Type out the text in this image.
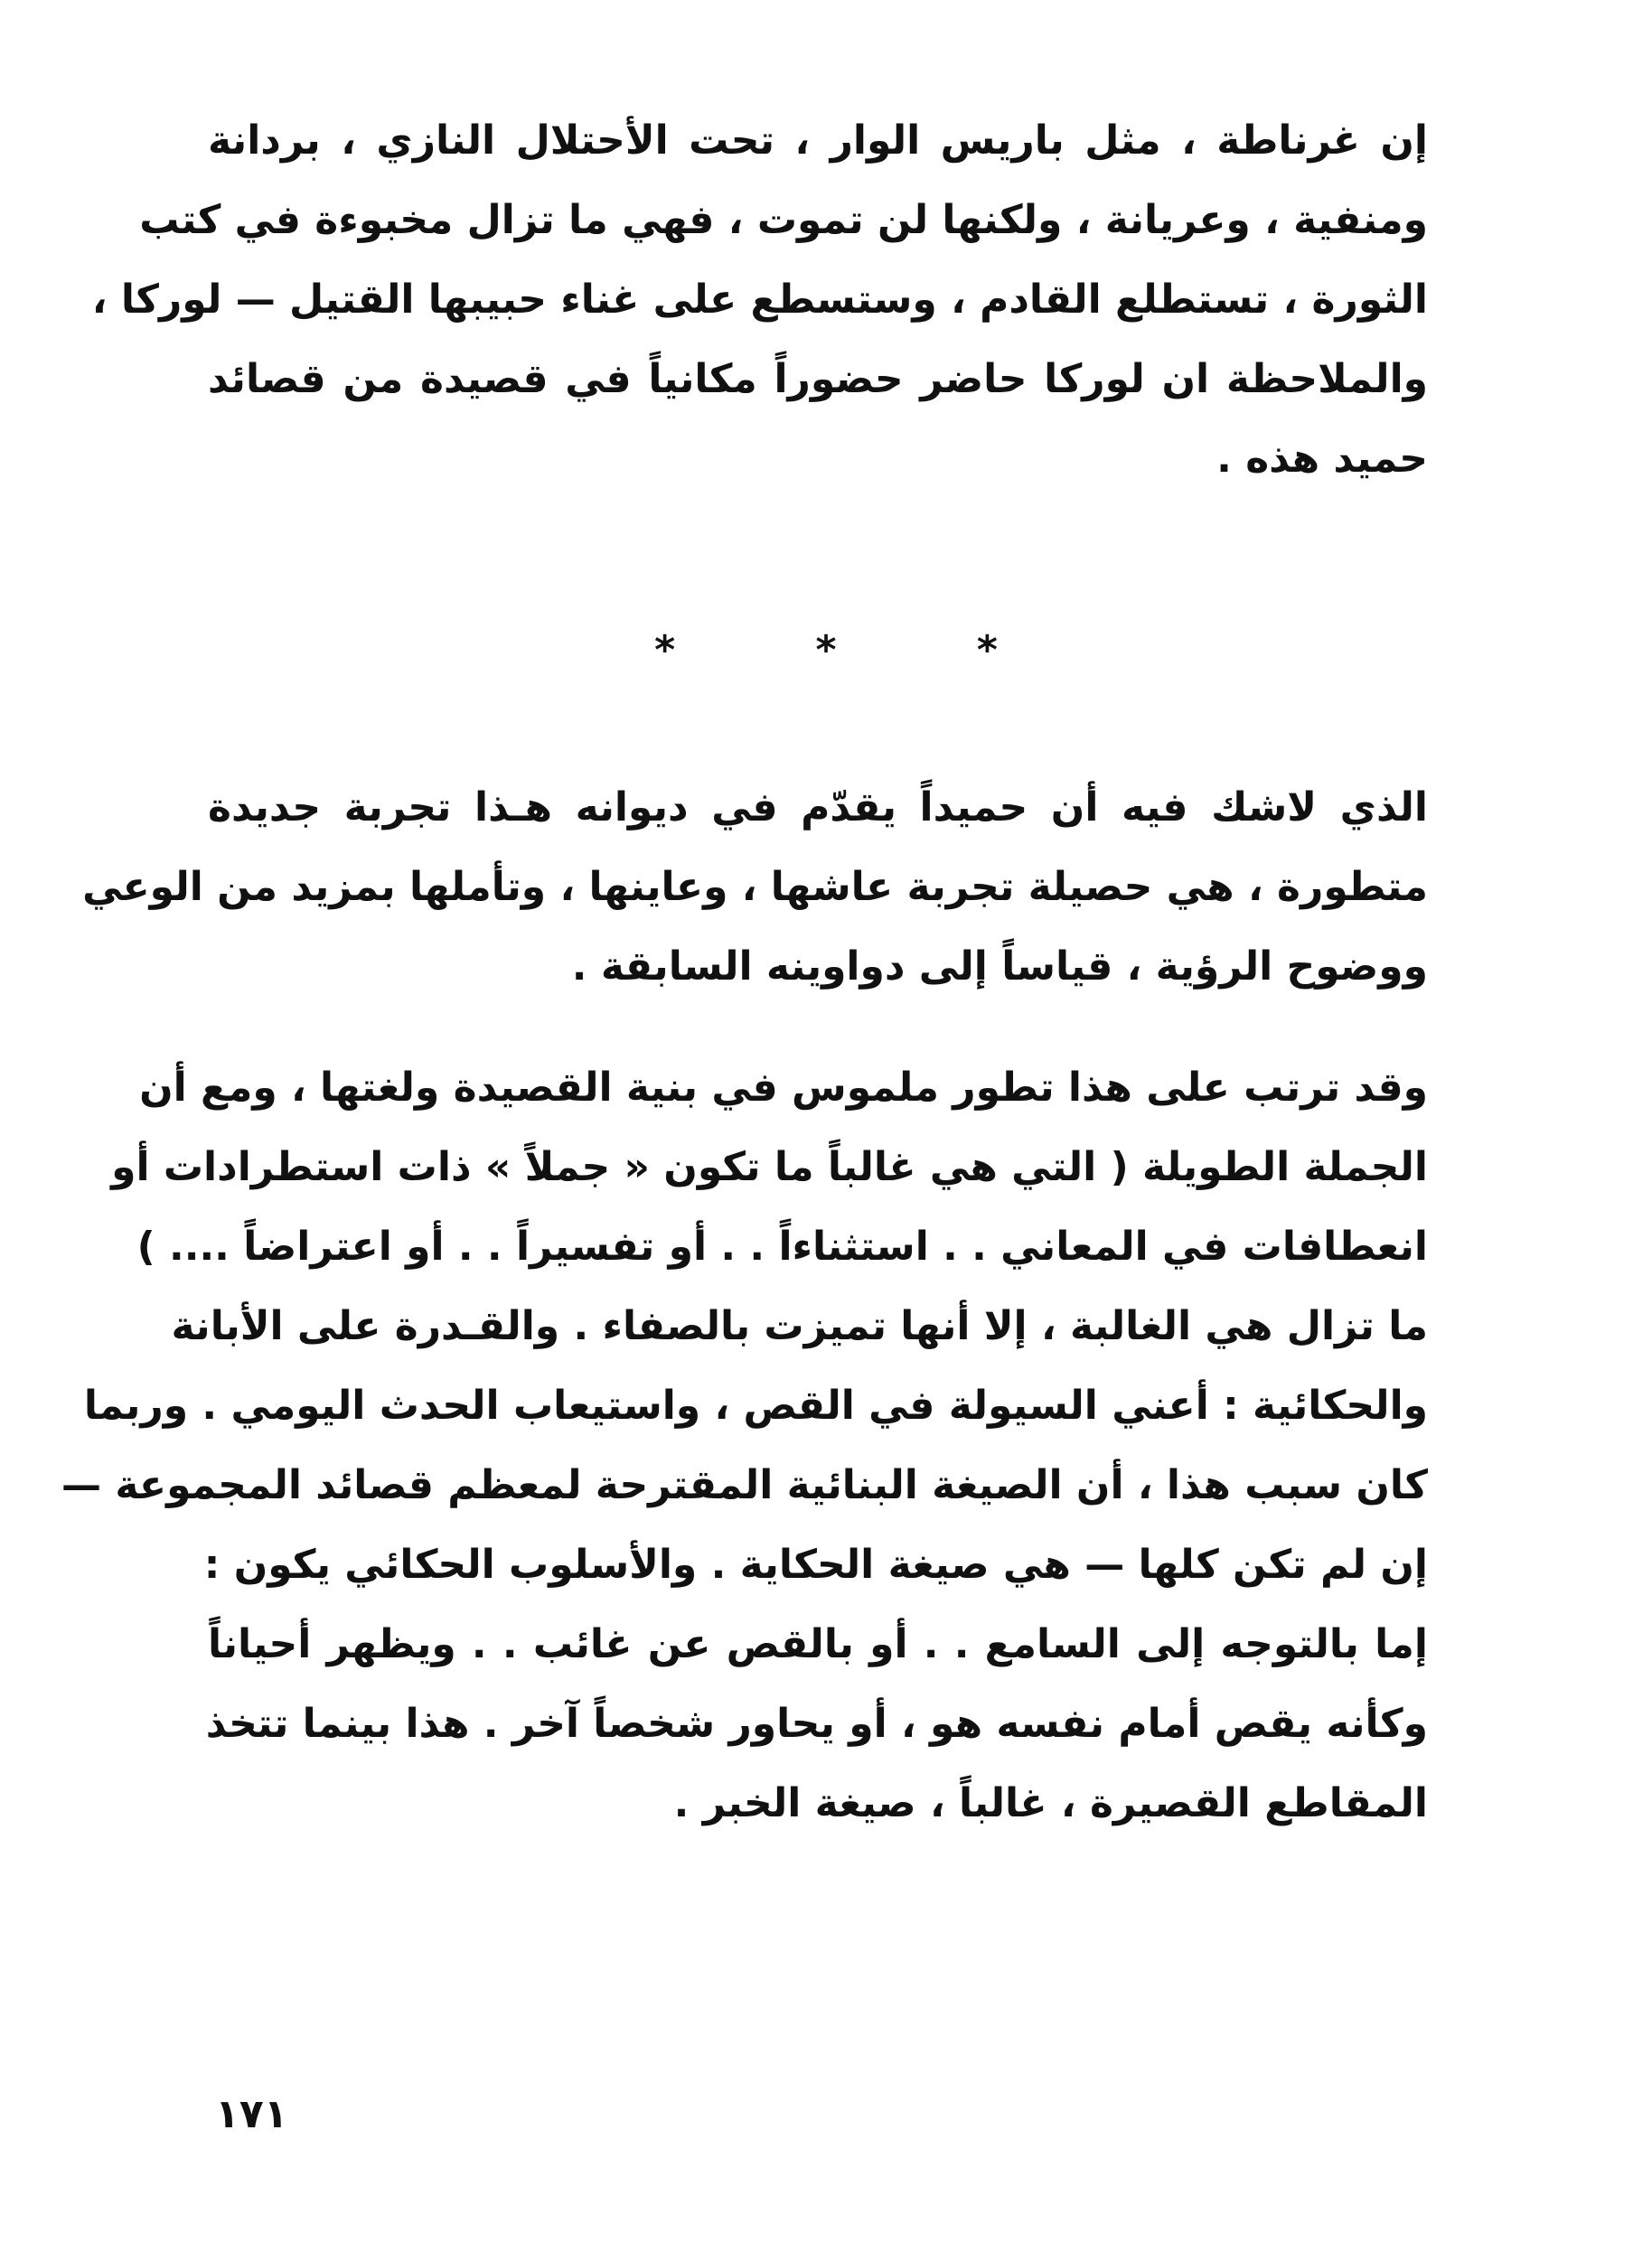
إن غرناطة ، مثل باريس الوار ، تحت الأحتلال النازي ، بردانة
ومنفية ، وعريانة ، ولكنها لن تموت ، فهي ما تزال مخبوءة في كتب
الثورة ، تستطلع القادم ، وستسطع على غناء حبيبها القتيل — لوركا ،
والملاحظة ان لوركا حاضر حضوراً مكانياً في قصيدة من قصائد
حميد هذه .
* * *
الذي لاشك فيه أن حميداً يقدّم في ديوانه هـذا تجربة جديدة
متطورة ، هي حصيلة تجربة عاشها ، وعاينها ، وتأملها بمزيد من الوعي
ووضوح الرؤية ، قياساً إلى دواوينه السابقة .
وقد ترتب على هذا تطور ملموس في بنية القصيدة ولغتها ، ومع أن
الجملة الطويلة ( التي هي غالباً ما تكون « جملاً » ذات استطرادات أو
انعطافات في المعاني . . استثناءاً . . أو تفسيراً . . أو اعتراضاً .... )
ما تزال هي الغالبة ، إلا أنها تميزت بالصفاء . والقـدرة على الأبانة
والحكائية : أعني السيولة في القص ، واستيعاب الحدث اليومي . وربما
كان سبب هذا ، أن الصيغة البنائية المقترحة لمعظم قصائد المجموعة —
إن لم تكن كلها — هي صيغة الحكاية . والأسلوب الحكائي يكون :
إما بالتوجه إلى السامع . . أو بالقص عن غائب . . ويظهر أحياناً
وكأنه يقص أمام نفسه هو ، أو يحاور شخصاً آخر . هذا بينما تتخذ
المقاطع القصيرة ، غالباً ، صيغة الخبر .
١٧١
